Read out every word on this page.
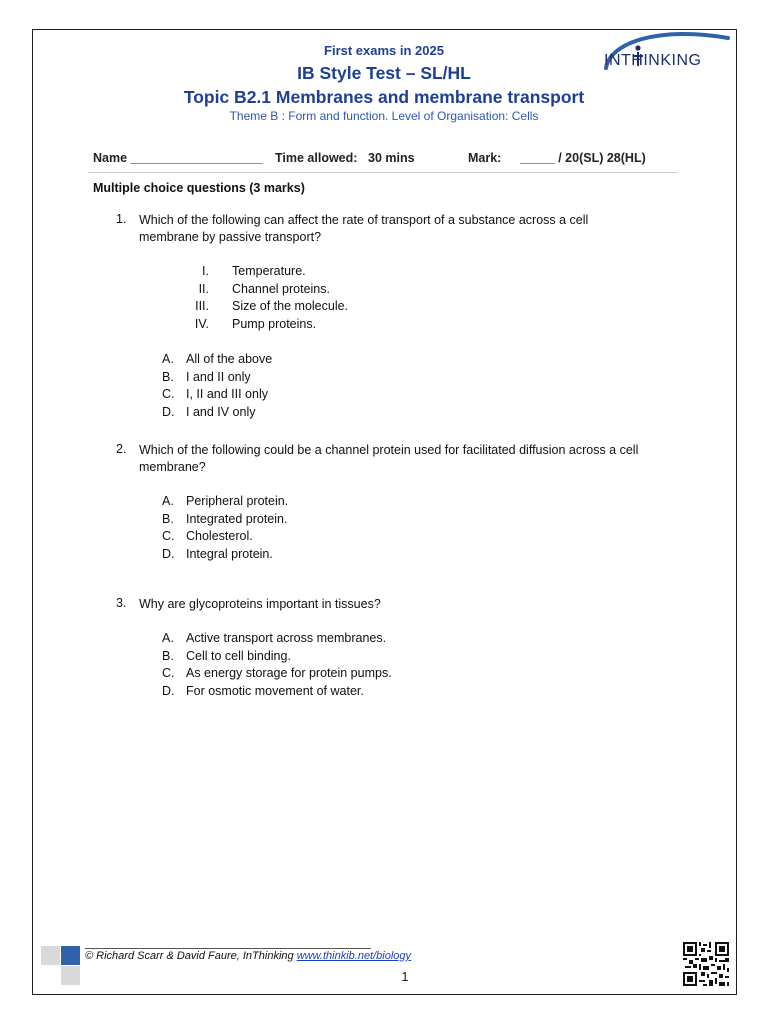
INTHINKING
First exams in 2025
IB Style Test – SL/HL
Topic B2.1 Membranes and membrane transport
Theme B : Form and function. Level of Organisation: Cells
Name ___________________ Time allowed: 30 mins	Mark: _____ / 20(SL) 28(HL)
Multiple choice questions (3 marks)
1. Which of the following can affect the rate of transport of a substance across a cell
membrane by passive transport?
I. Temperature.
II. Channel proteins.
III. Size of the molecule.
IV. Pump proteins.
A. All of the above
B. I and II only
C. I, II and III only
D. I and IV only
2. Which of the following could be a channel protein used for facilitated diffusion across a cell
membrane?
A. Peripheral protein.
B. Integrated protein.
C. Cholesterol.
D. Integral protein.
3. Why are glycoproteins important in tissues?
A. Active transport across membranes.
B. Cell to cell binding.
C. As energy storage for protein pumps.
D. For osmotic movement of water.
© Richard Scarr & David Faure, InThinking www.thinkib.net/biology
1
